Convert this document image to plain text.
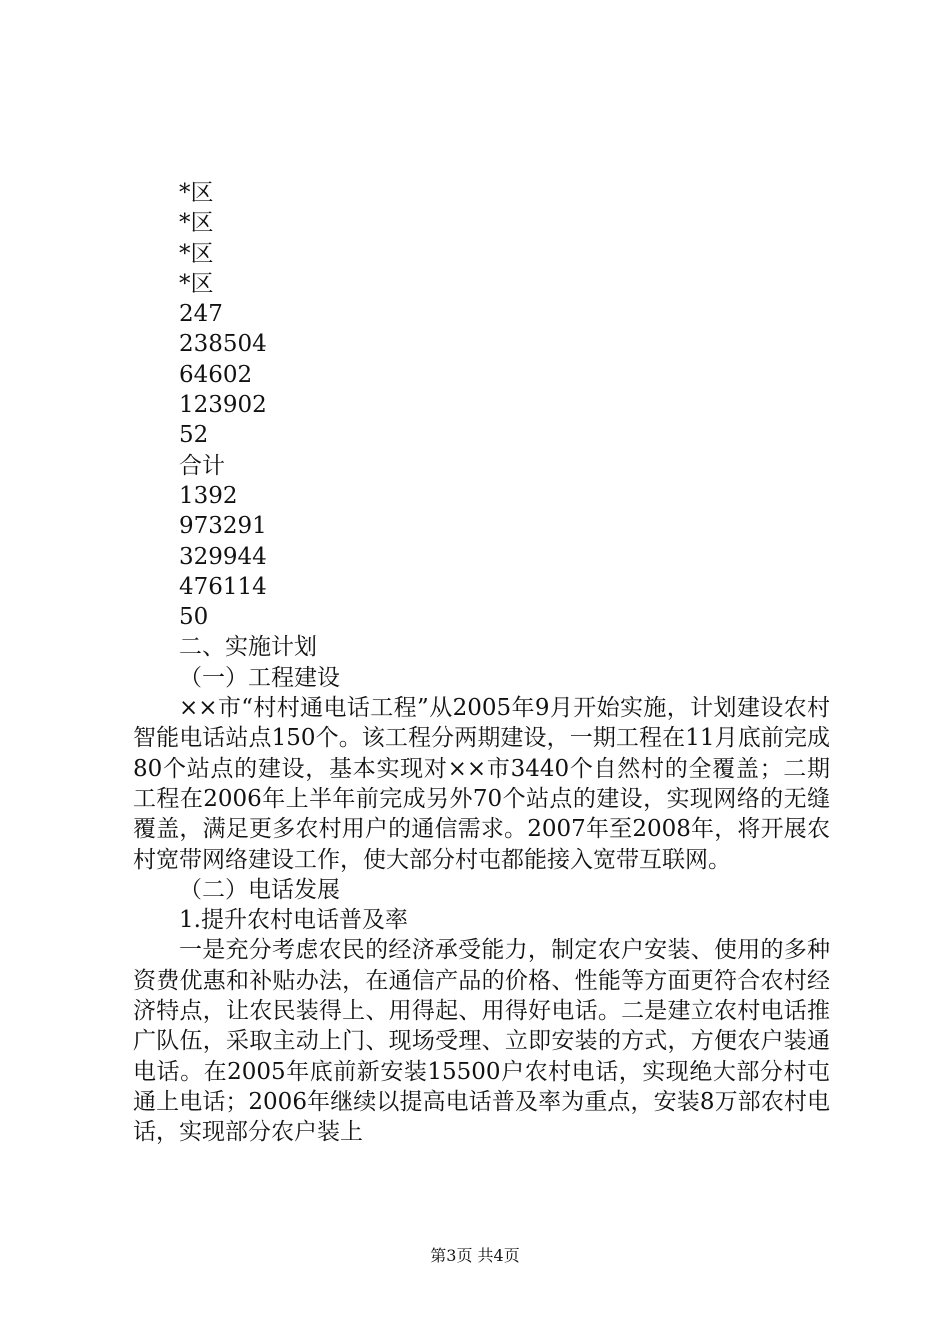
*区

*区

*区

*区

247

238504

64602

123902

52

合计

1392

973291

329944

476114

50

二、实施计划

（一）工程建设

××市“村村通电话工程”从2005年9月开始实施，计划建设农村智能电话站点150个。该工程分两期建设，一期工程在11月底前完成80个站点的建设，基本实现对××市3440个自然村的全覆盖；二期工程在2006年上半年前完成另外70个站点的建设，实现网络的无缝覆盖，满足更多农村用户的通信需求。2007年至2008年，将开展农村宽带网络建设工作，使大部分村屯都能接入宽带互联网。

（二）电话发展

1.提升农村电话普及率

一是充分考虑农民的经济承受能力，制定农户安装、使用的多种资费优惠和补贴办法，在通信产品的价格、性能等方面更符合农村经济特点，让农民装得上、用得起、用得好电话。二是建立农村电话推广队伍，采取主动上门、现场受理、立即安装的方式，方便农户装通电话。在2005年底前新安装15500户农村电话，实现绝大部分村屯通上电话；2006年继续以提高电话普及率为重点，安装8万部农村电话，实现部分农户装上

第3页 共4页
